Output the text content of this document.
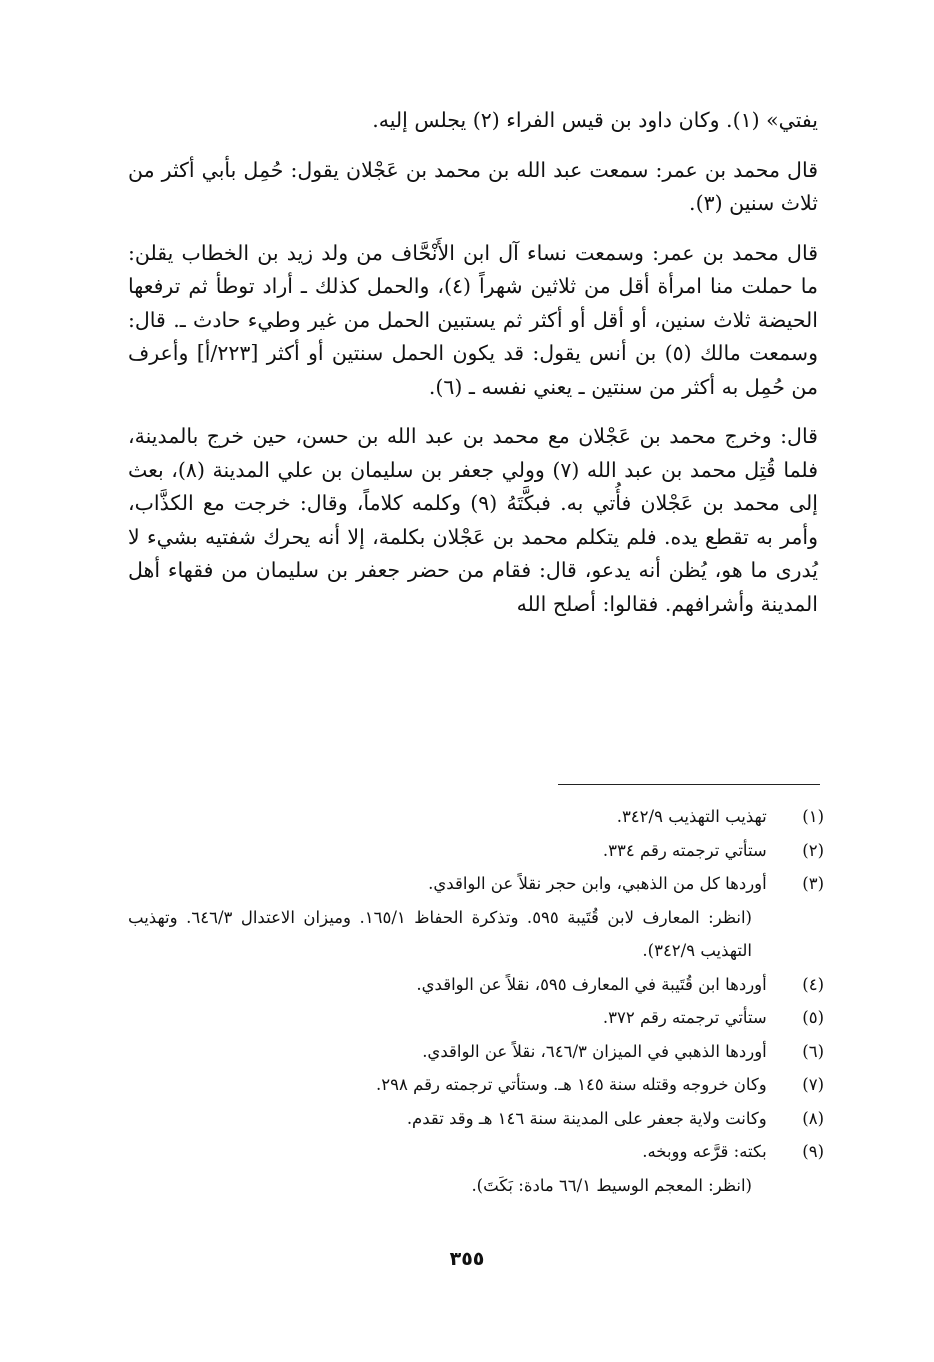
يفتي» (١). وكان داود بن قيس الفراء (٢) يجلس إليه.

قال محمد بن عمر: سمعت عبد الله بن محمد بن عَجْلان يقول: حُمِل بأبي أكثر من ثلاث سنين (٣).

قال محمد بن عمر: وسمعت نساء آل ابن الأَنْحَّاف من ولد زيد بن الخطاب يقلن: ما حملت منا امرأة أقل من ثلاثين شهراً (٤)، والحمل كذلك ـ أراد توطأ ثم ترفعها الحيضة ثلاث سنين، أو أقل أو أكثر ثم يستبين الحمل من غير وطيء حادث ـ. قال: وسمعت مالك (٥) بن أنس يقول: قد يكون الحمل سنتين أو أكثر [٢٢٣/أ] وأعرف من حُمِل به أكثر من سنتين ـ يعني نفسه ـ (٦).

قال: وخرج محمد بن عَجْلان مع محمد بن عبد الله بن حسن، حين خرج بالمدينة، فلما قُتِل محمد بن عبد الله (٧) وولي جعفر بن سليمان بن علي المدينة (٨)، بعث إلى محمد بن عَجْلان فأُتي به. فبكَّتَهُ (٩) وكلمه كلاماً، وقال: خرجت مع الكذَّاب، وأمر به تقطع يده. فلم يتكلم محمد بن عَجْلان بكلمة، إلا أنه يحرك شفتيه بشيء لا يُدرى ما هو، يُظن أنه يدعو، قال: فقام من حضر جعفر بن سليمان من فقهاء أهل المدينة وأشرافهم. فقالوا: أصلح الله

(١) تهذيب التهذيب ٣٤٢/٩.
(٢) ستأتي ترجمته رقم ٣٣٤.
(٣) أوردها كل من الذهبي، وابن حجر نقلاً عن الواقدي.
(انظر: المعارف لابن قُتَيبة ٥٩٥. وتذكرة الحفاظ ١٦٥/١. وميزان الاعتدال ٦٤٦/٣. وتهذيب التهذيب ٣٤٢/٩).
(٤) أوردها ابن قُتَيبة في المعارف ٥٩٥، نقلاً عن الواقدي.
(٥) ستأتي ترجمته رقم ٣٧٢.
(٦) أوردها الذهبي في الميزان ٦٤٦/٣، نقلاً عن الواقدي.
(٧) وكان خروجه وقتله سنة ١٤٥ هـ. وستأتي ترجمته رقم ٢٩٨.
(٨) وكانت ولاية جعفر على المدينة سنة ١٤٦ هـ وقد تقدم.
(٩) بكته: قرَّعه ووبخه.
(انظر: المعجم الوسيط ٦٦/١ مادة: بَكَتَ).
٣٥٥
